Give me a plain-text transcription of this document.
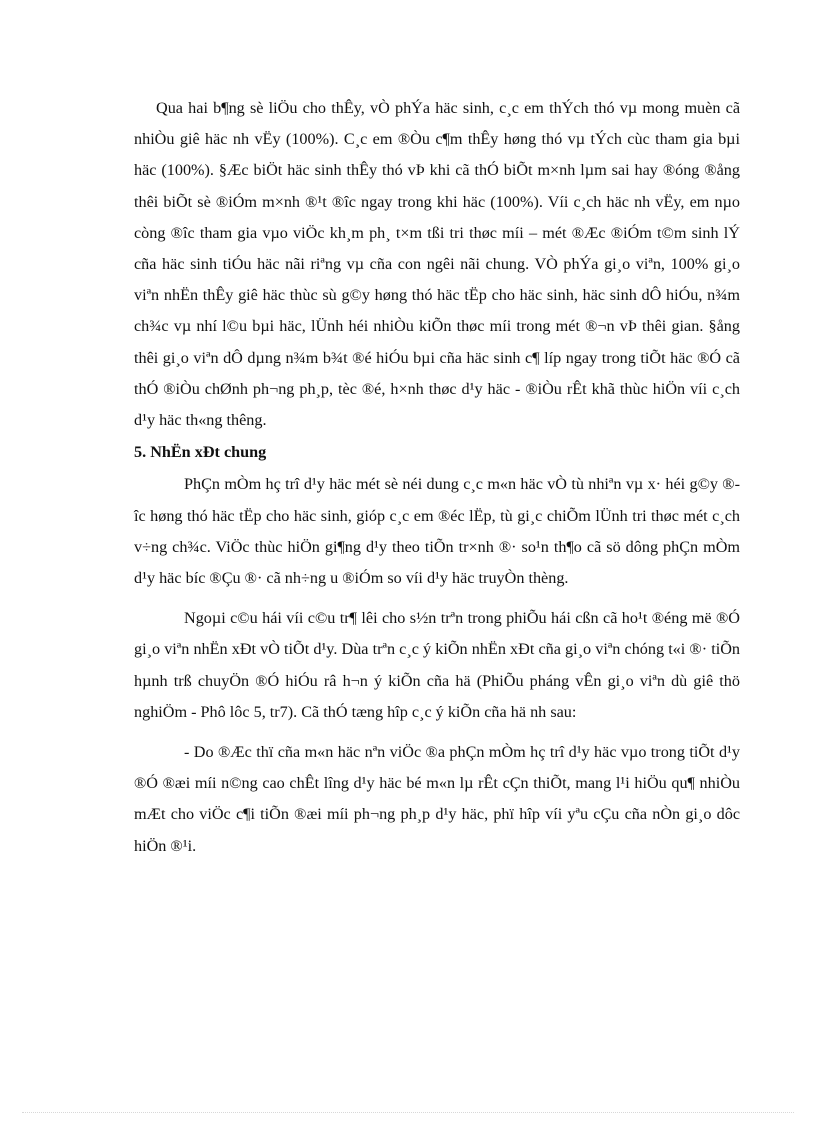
Qua hai b¶ng sè liÖu cho thÊy, vÒ phÝa häc sinh, c¸c em thÝch thó vµ mong muèn cã nhiÒu giê häc nh vËy (100%). C¸c em ®Òu c¶m thÊy høng thó vµ tÝch cùc tham gia bµi häc (100%). §Æc biÖt häc sinh thÊy thó vÞ khi cã thÓ biÕt m×nh lµm sai hay ®óng ®ång thêi biÕt sè ®iÓm m×nh ®¹t ®îc ngay trong khi häc (100%). Víi c¸ch häc nh vËy, em nµo còng ®îc tham gia vµo viÖc kh¸m ph¸ t×m tßi tri thøc míi – mét ®Æc ®iÓm t©m sinh lÝ cña häc sinh tiÓu häc nãi riªng vµ cña con ngêi nãi chung. VÒ phÝa gi¸o viªn, 100% gi¸o viªn nhËn thÊy giê häc thùc sù g©y høng thó häc tËp cho häc sinh, häc sinh dÔ hiÓu, n¾m ch¾c vµ nhí l©u bµi häc, lÜnh héi nhiÒu kiÕn thøc míi trong mét ®¬n vÞ thêi gian. §ång thêi gi¸o viªn dÔ dµng n¾m b¾t ®é hiÓu bµi cña häc sinh c¶ líp ngay trong tiÕt häc ®Ó cã thÓ ®iÒu chØnh ph¬ng ph¸p, tèc ®é, h×nh thøc d¹y häc - ®iÒu rÊt khã thùc hiÖn víi c¸ch d¹y häc th«ng thêng.

5. NhËn xÐt chung

PhÇn mÒm hç trî d¹y häc mét sè néi dung c¸c m«n häc vÒ tù nhiªn vµ x· héi g©y ®îc høng thó häc tËp cho häc sinh, gióp c¸c em ®éc lËp, tù gi¸c chiÕm lÜnh tri thøc mét c¸ch v÷ng ch¾c. ViÖc thùc hiÖn gi¶ng d¹y theo tiÕn tr×nh ®· so¹n th¶o cã sö dông phÇn mÒm d¹y häc bíc ®Çu ®· cã nh÷ng u ®iÓm so víi d¹y häc truyÒn thèng.

Ngoµi c©u hái víi c©u tr¶ lêi cho s½n trªn trong phiÕu hái cßn cã ho¹t ®éng më ®Ó gi¸o viªn nhËn xÐt vÒ tiÕt d¹y. Dùa trªn c¸c ý kiÕn nhËn xÐt cña gi¸o viªn chóng t«i ®· tiÕn hµnh trß chuyÖn ®Ó hiÓu râ h¬n ý kiÕn cña hä (PhiÕu pháng vÊn gi¸o viªn dù giê thö nghiÖm - Phô lôc 5, tr7). Cã thÓ tæng hîp c¸c ý kiÕn cña hä nh sau:

- Do ®Æc thï cña m«n häc nªn viÖc ®a phÇn mÒm hç trî d¹y häc vµo trong tiÕt d¹y ®Ó ®æi míi n©ng cao chÊt lîng d¹y häc bé m«n lµ rÊt cÇn thiÕt, mang l¹i hiÖu qu¶ nhiÒu mÆt cho viÖc c¶i tiÕn ®æi míi ph¬ng ph¸p d¹y häc, phï hîp víi yªu cÇu cña nÒn gi¸o dôc hiÖn ®¹i.
